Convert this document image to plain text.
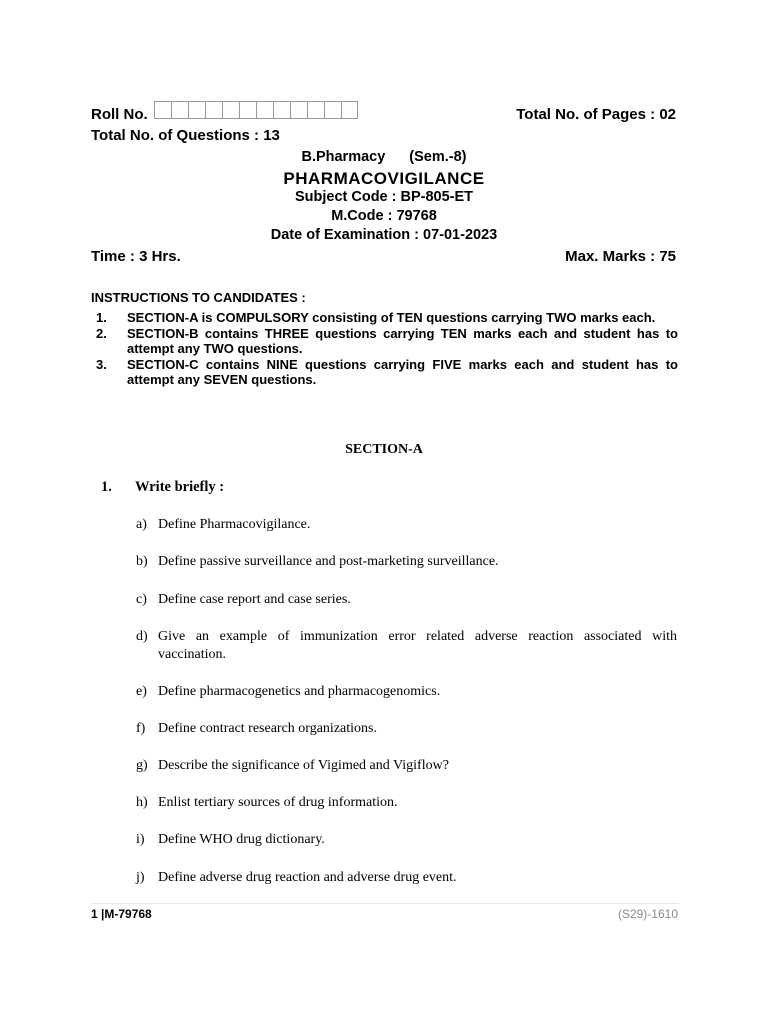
Roll No.	Total No. of Pages : 02
Total No. of Questions : 13
B.Pharmacy (Sem.-8)
PHARMACOVIGILANCE
Subject Code : BP-805-ET
M.Code : 79768
Date of Examination : 07-01-2023
Time : 3 Hrs.	Max. Marks : 75
INSTRUCTIONS TO CANDIDATES :
1.	SECTION-A is COMPULSORY consisting of TEN questions carrying TWO marks each.
2.	SECTION-B contains THREE questions carrying TEN marks each and student has to attempt any TWO questions.
3.	SECTION-C contains NINE questions carrying FIVE marks each and student has to attempt any SEVEN questions.
SECTION-A
1.	Write briefly :
a) Define Pharmacovigilance.
b) Define passive surveillance and post-marketing surveillance.
c) Define case report and case series.
d) Give an example of immunization error related adverse reaction associated with vaccination.
e) Define pharmacogenetics and pharmacogenomics.
f) Define contract research organizations.
g) Describe the significance of Vigimed and Vigiflow?
h) Enlist tertiary sources of drug information.
i) Define WHO drug dictionary.
j) Define adverse drug reaction and adverse drug event.
1 |M-79768	(S29)-1610
